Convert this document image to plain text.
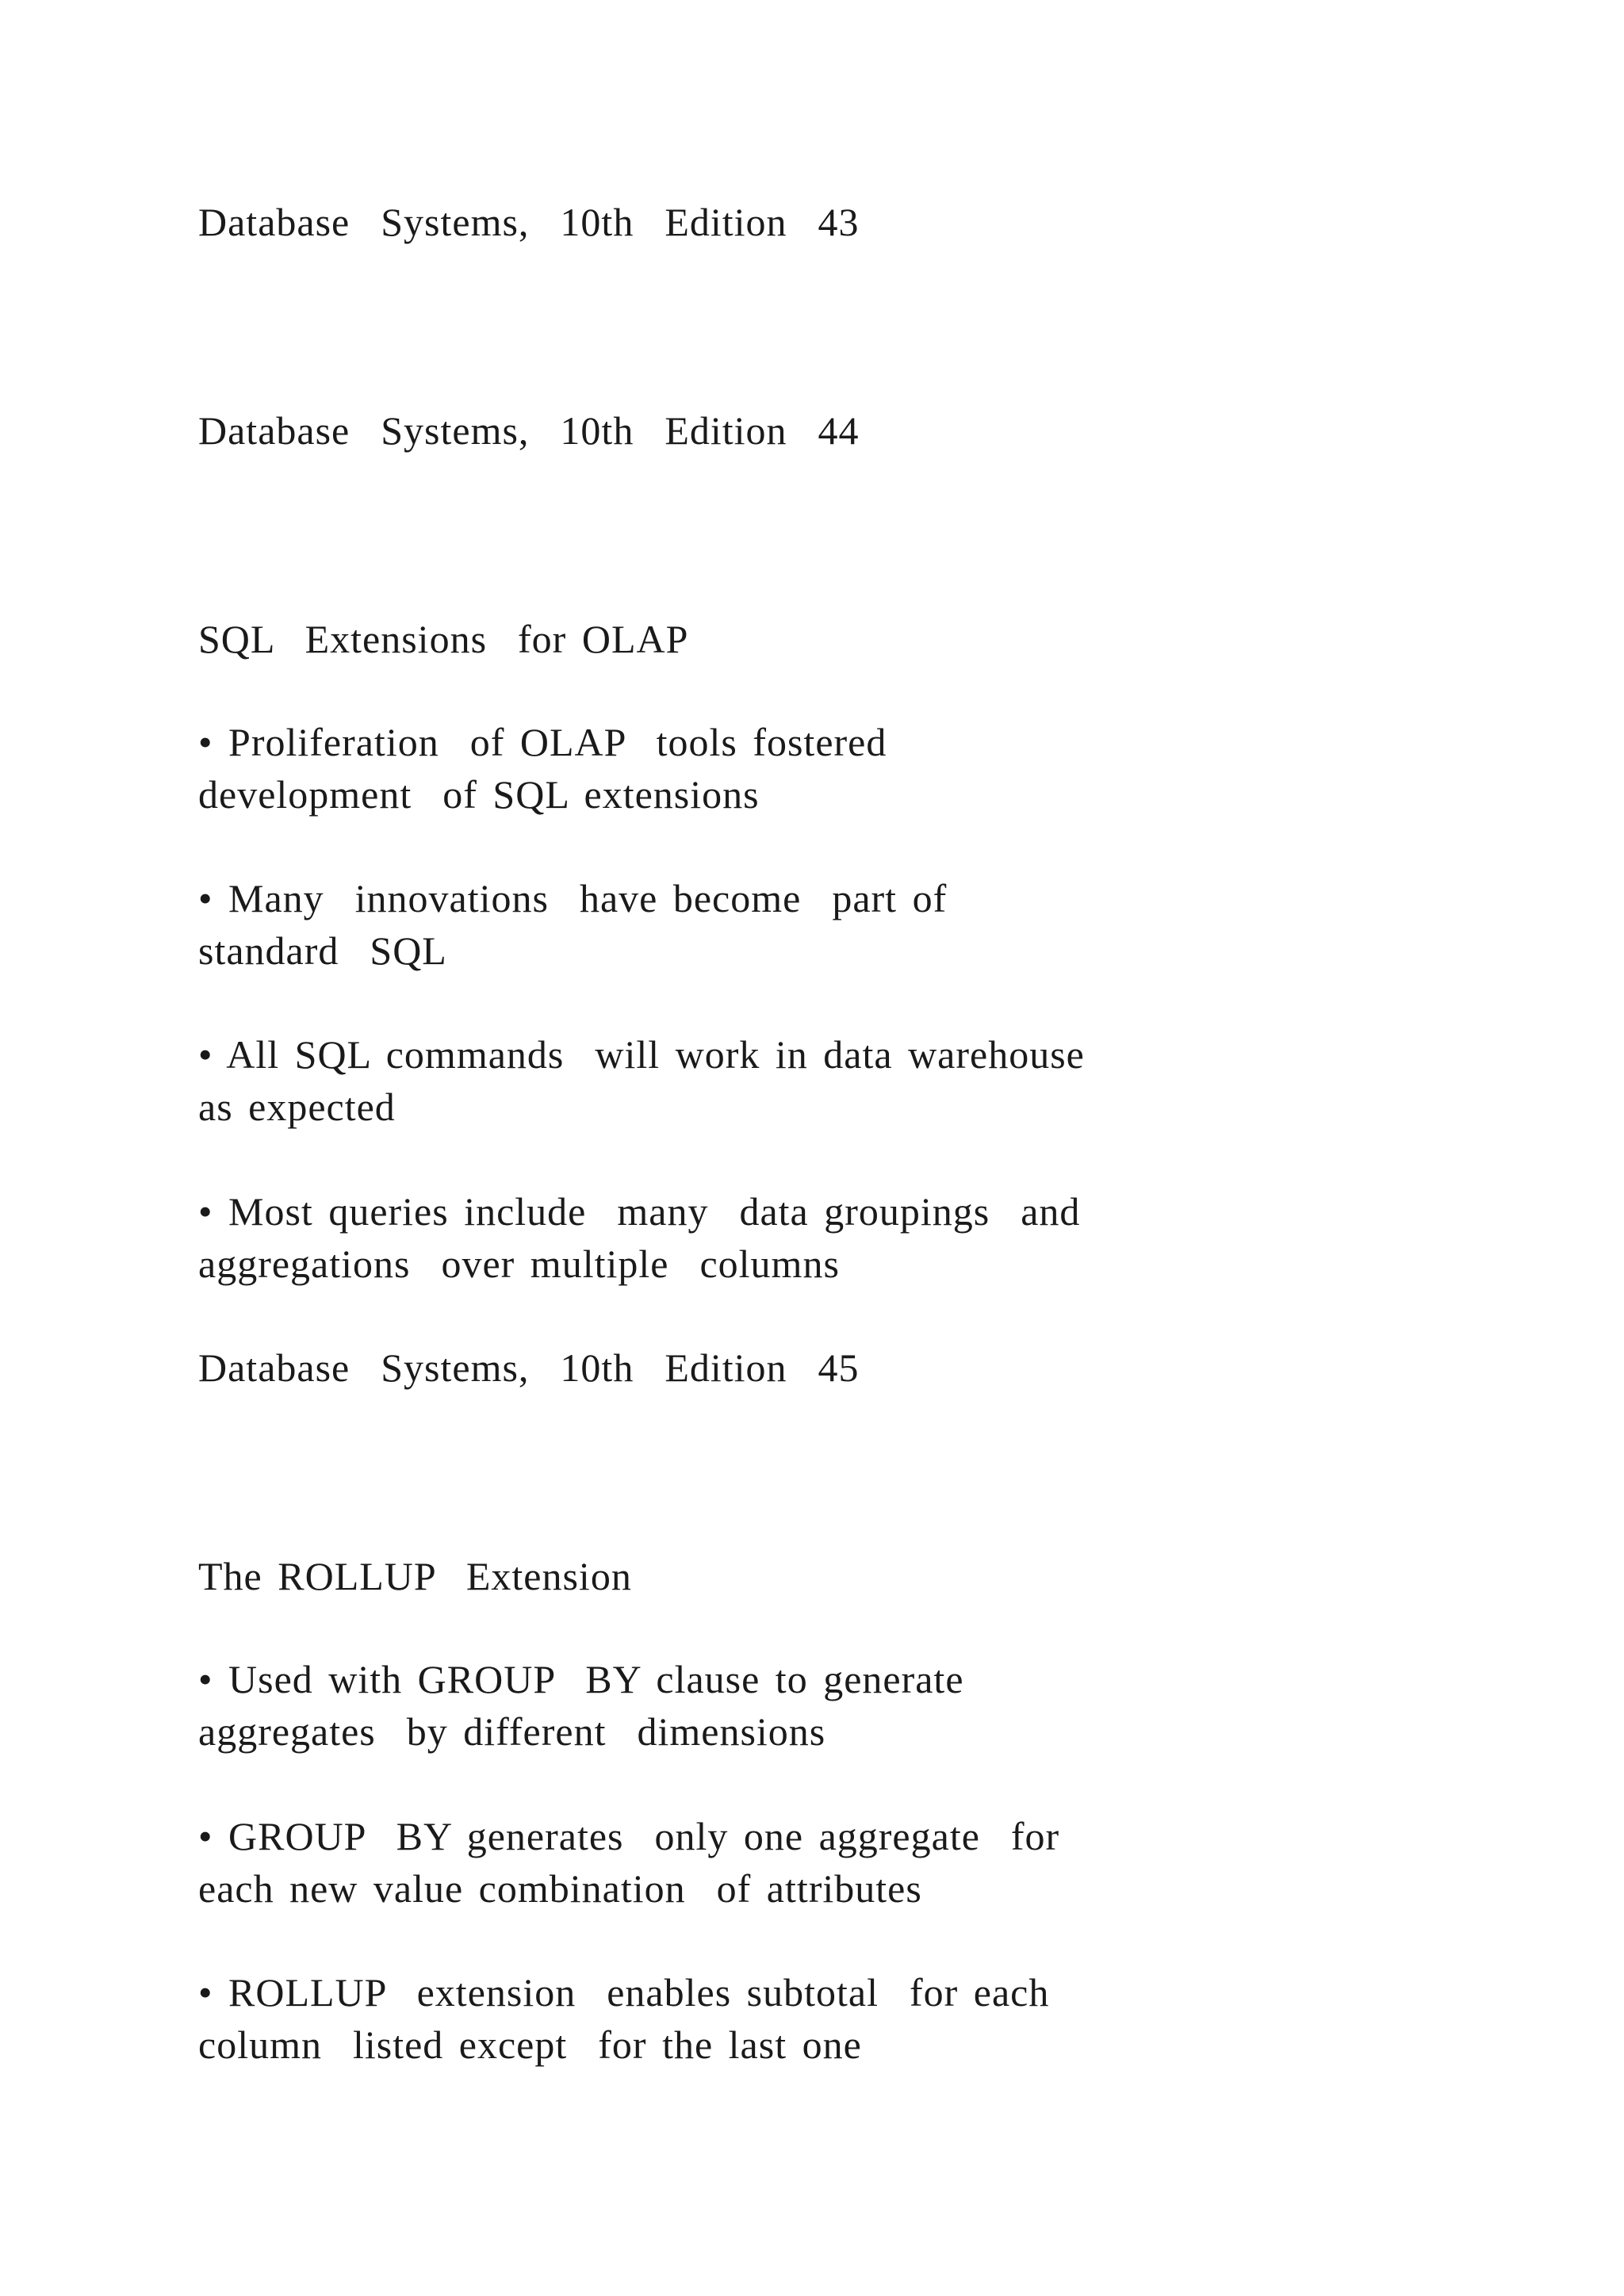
Database  Systems,  10th  Edition  43
Database  Systems,  10th  Edition  44
SQL  Extensions  for OLAP
• Proliferation  of OLAP  tools fostered
development  of SQL extensions
• Many  innovations  have become  part of
standard  SQL
• All SQL commands  will work in data warehouse
as expected
• Most queries include  many  data groupings  and
aggregations  over multiple  columns
Database  Systems,  10th  Edition  45
The ROLLUP  Extension
• Used with GROUP  BY clause to generate
aggregates  by different  dimensions
• GROUP  BY generates  only one aggregate  for
each new value combination  of attributes
• ROLLUP  extension  enables subtotal  for each
column  listed except  for the last one
